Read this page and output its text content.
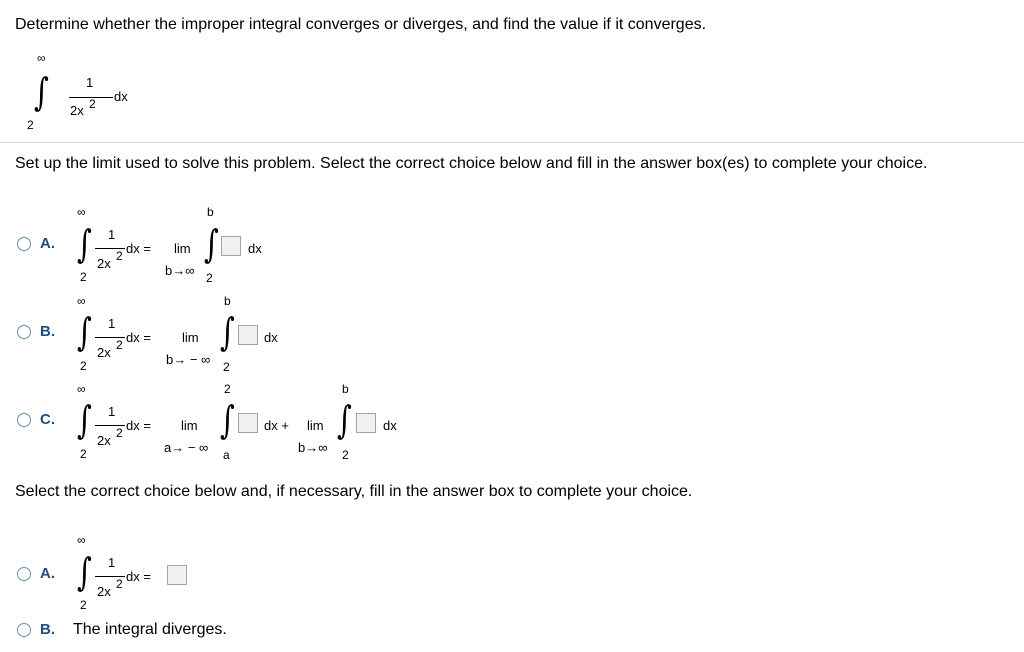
Determine whether the improper integral converges or diverges, and find the value if it converges.
∞
∫	1
dx
2x 2
2
Set up the limit used to solve this problem. Select the correct choice below and fill in the answer box(es) to complete your choice.
A.
∞
∫ 1
dx =
2x 2
2
lim
b→∞
b
∫
2
dx
B.
∞
∫ 1
dx =
2x 2
2
lim
b→ − ∞
b
∫
2
dx
C.
∞
∫ 1
dx =
2x 2
2
lim
a→ − ∞
2
∫
a
dx + lim
b→∞
b
∫
2
dx
Select the correct choice below and, if necessary, fill in the answer box to complete your choice.
A.
∞
∫ 1
dx =
2x 2
2
B. The integral diverges.
